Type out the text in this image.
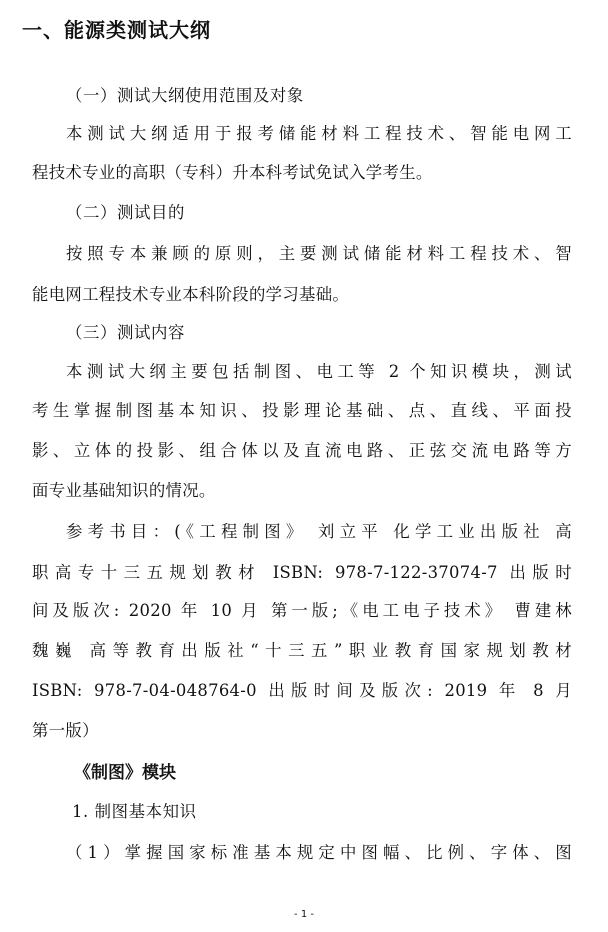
一、能源类测试大纲
（一）测试大纲使用范围及对象
本测试大纲适用于报考储能材料工程技术、智能电网工
程技术专业的高职（专科）升本科考试免试入学考生。
（二）测试目的
按照专本兼顾的原则，主要测试储能材料工程技术、智
能电网工程技术专业本科阶段的学习基础。
（三）测试内容
本测试大纲主要包括制图、电工等 2 个知识模块，测试
考生掌握制图基本知识、投影理论基础、点、直线、平面投
影、立体的投影、组合体以及直流电路、正弦交流电路等方
面专业基础知识的情况。
参考书目：(《工程制图》 刘立平 化学工业出版社 高
职高专十三五规划教材 ISBN: 978-7-122-37074-7 出版时
间及版次: 2020 年 10 月 第一版;《电工电子技术》 曹建林
魏巍 高等教育出版社“十三五”职业教育国家规划教材
ISBN: 978-7-04-048764-0 出版时间及版次: 2019 年 8 月
第一版）
《制图》模块
1. 制图基本知识
（1）掌握国家标准基本规定中图幅、比例、字体、图
- 1 -
